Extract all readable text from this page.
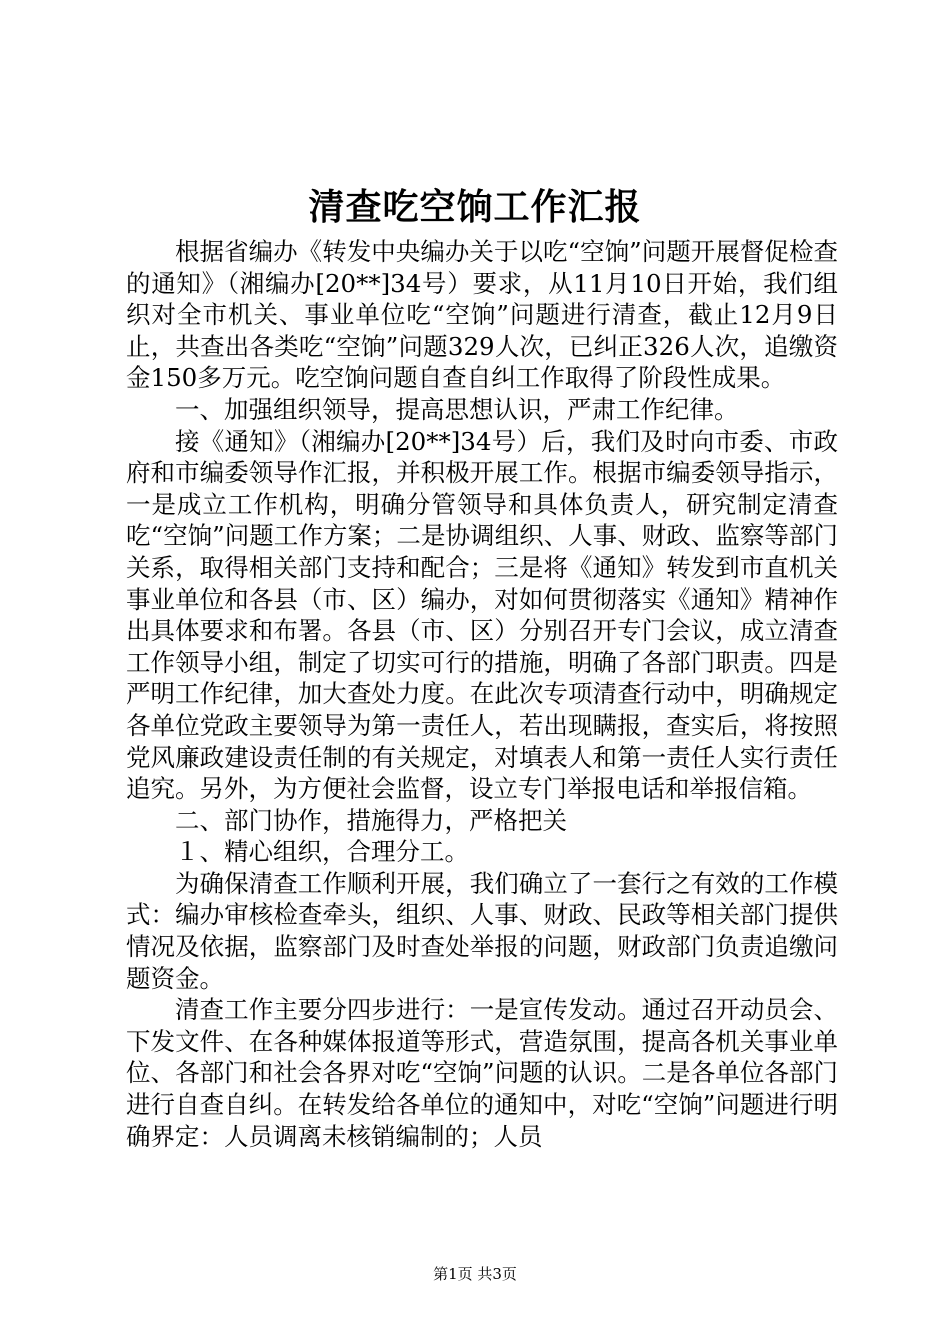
清查吃空饷工作汇报

根据省编办《转发中央编办关于以吃“空饷”问题开展督促检查的通知》（湘编办[20**]34号）要求，从11月10日开始，我们组织对全市机关、事业单位吃“空饷”问题进行清查，截止12月9日止，共查出各类吃“空饷”问题329人次，已纠正326人次，追缴资金150多万元。吃空饷问题自查自纠工作取得了阶段性成果。

一、加强组织领导，提高思想认识，严肃工作纪律。

接《通知》（湘编办[20**]34号）后，我们及时向市委、市政府和市编委领导作汇报，并积极开展工作。根据市编委领导指示，一是成立工作机构，明确分管领导和具体负责人，研究制定清查吃“空饷”问题工作方案；二是协调组织、人事、财政、监察等部门关系，取得相关部门支持和配合；三是将《通知》转发到市直机关事业单位和各县（市、区）编办，对如何贯彻落实《通知》精神作出具体要求和布署。各县（市、区）分别召开专门会议，成立清查工作领导小组，制定了切实可行的措施，明确了各部门职责。四是严明工作纪律，加大查处力度。在此次专项清查行动中，明确规定各单位党政主要领导为第一责任人，若出现瞒报，查实后，将按照党风廉政建设责任制的有关规定，对填表人和第一责任人实行责任追究。另外，为方便社会监督，设立专门举报电话和举报信箱。

二、部门协作，措施得力，严格把关

１、精心组织，合理分工。

为确保清查工作顺利开展，我们确立了一套行之有效的工作模式：编办审核检查牵头，组织、人事、财政、民政等相关部门提供情况及依据，监察部门及时查处举报的问题，财政部门负责追缴问题资金。

清查工作主要分四步进行：一是宣传发动。通过召开动员会、下发文件、在各种媒体报道等形式，营造氛围，提高各机关事业单位、各部门和社会各界对吃“空饷”问题的认识。二是各单位各部门进行自查自纠。在转发给各单位的通知中，对吃“空饷”问题进行明确界定：人员调离未核销编制的；人员

第1页 共3页
